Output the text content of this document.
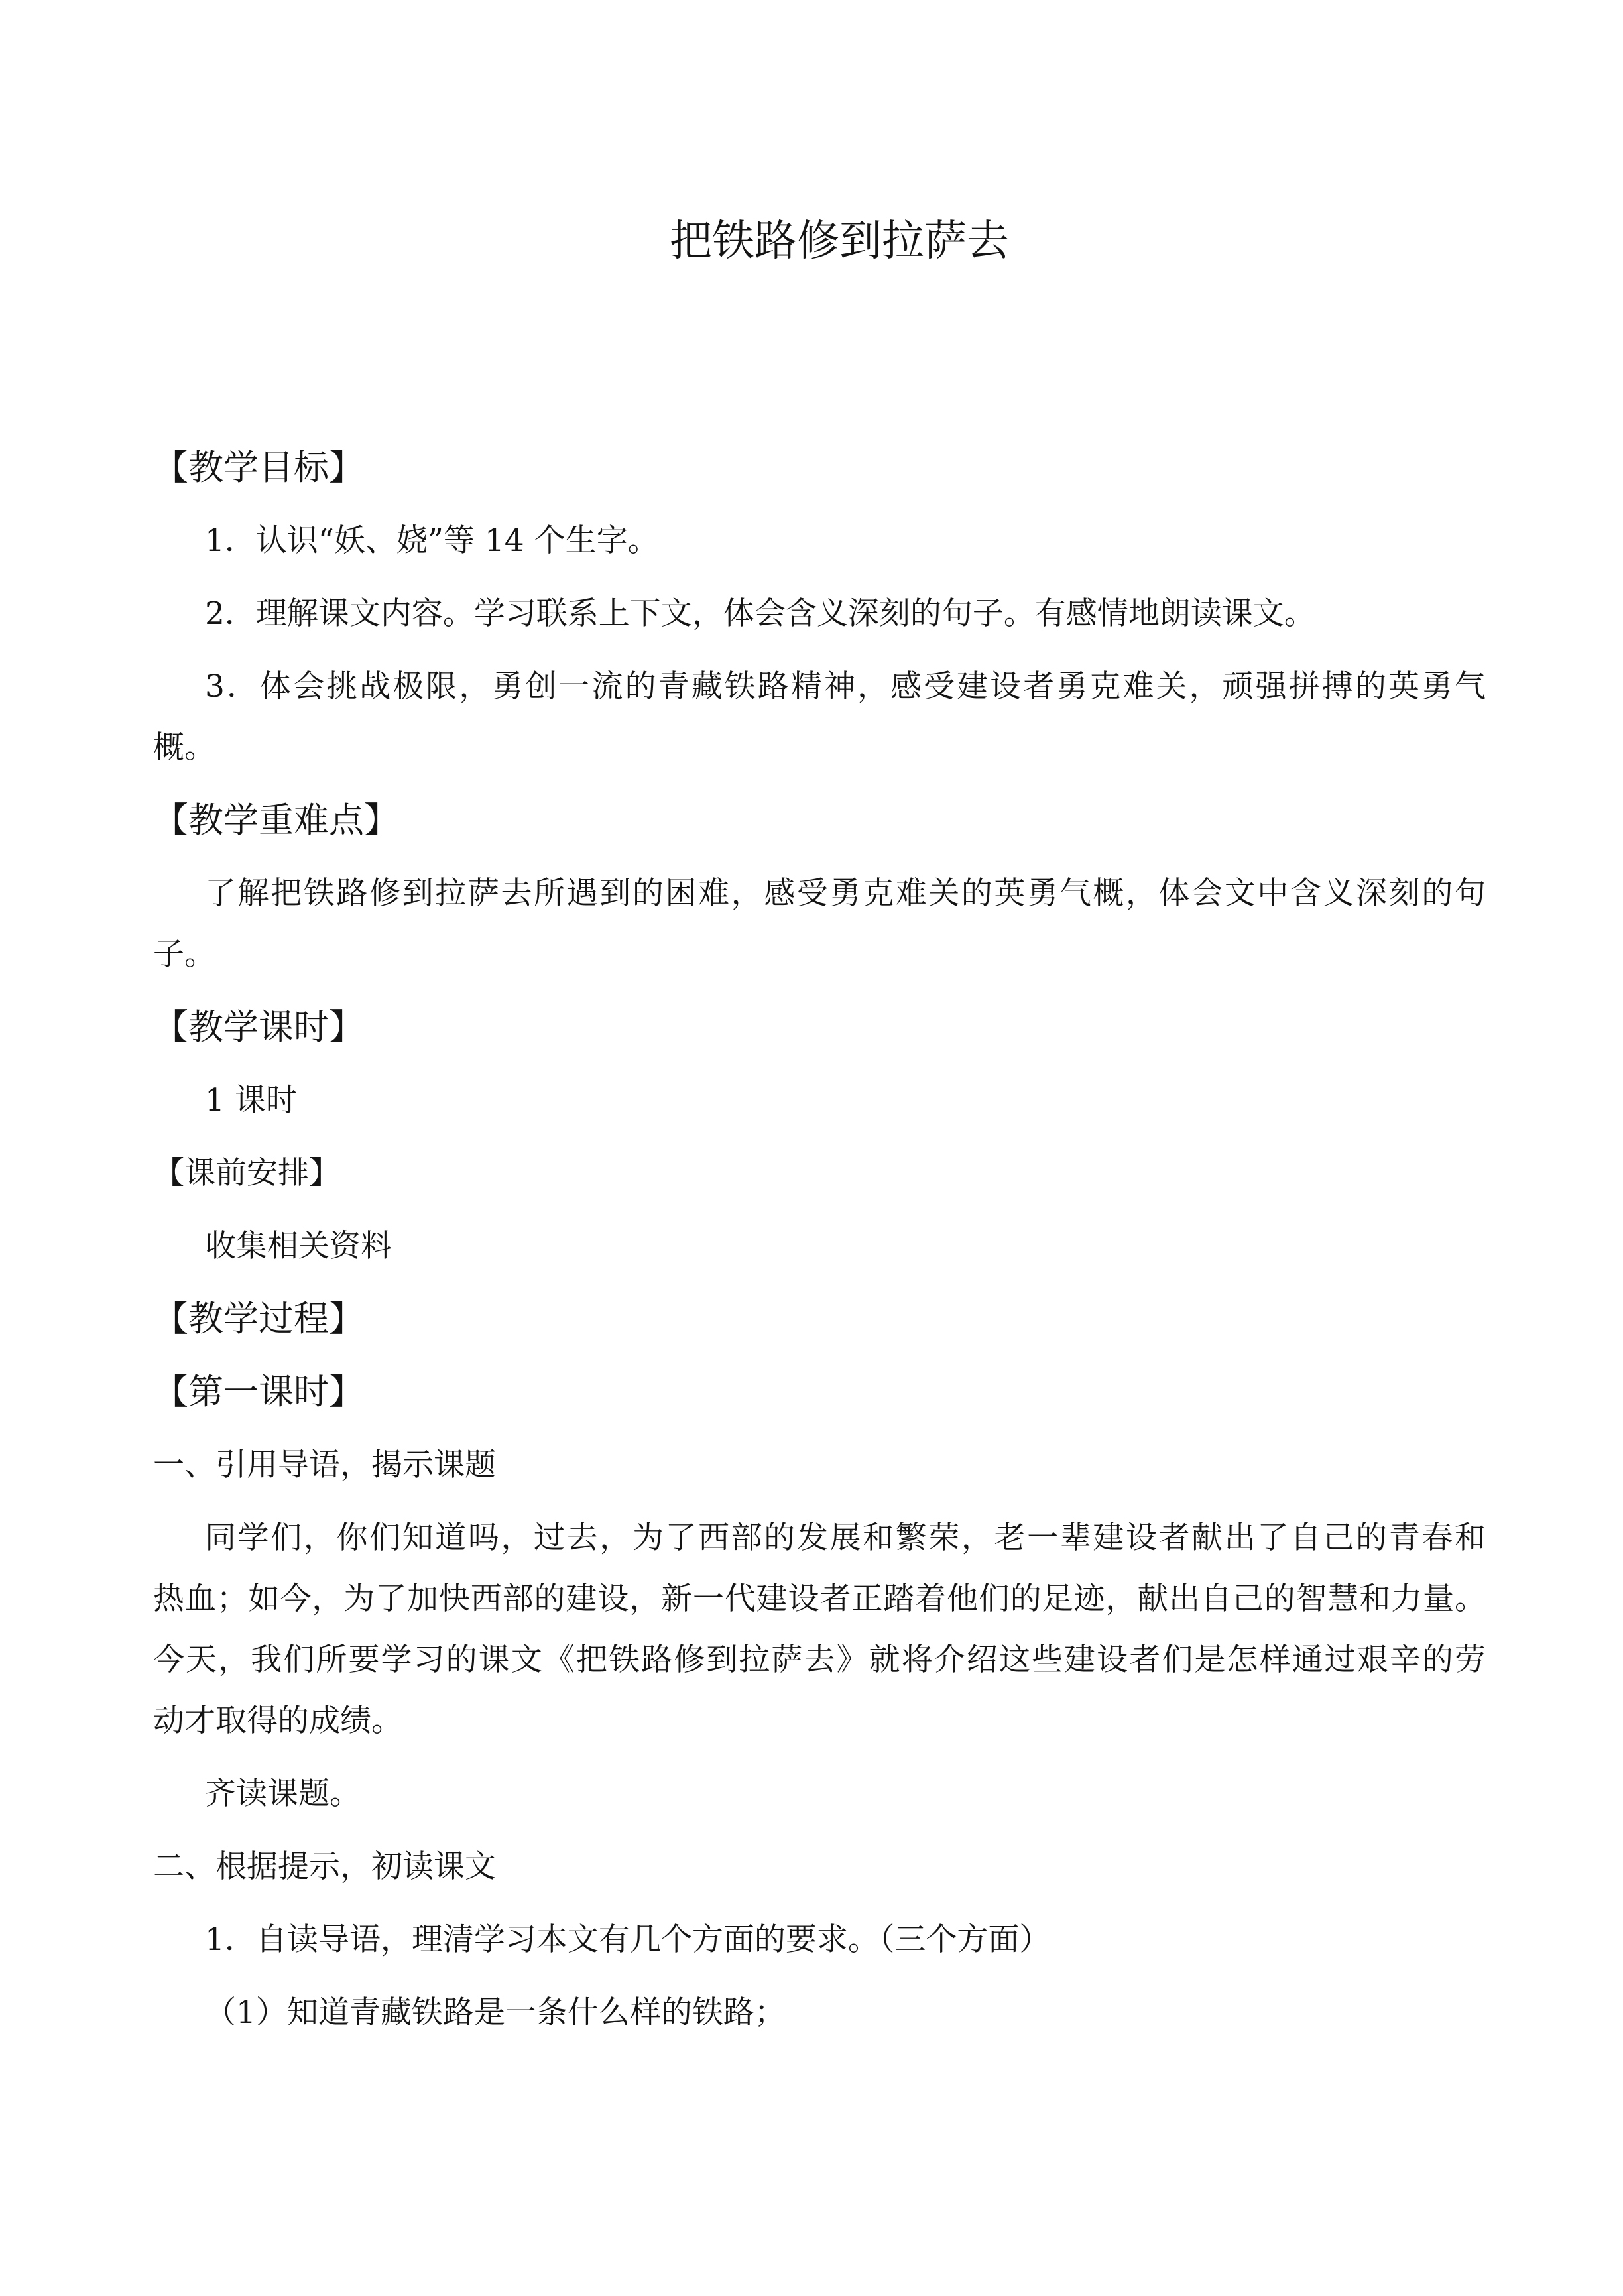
把铁路修到拉萨去
【教学目标】
1．认识“妖、娆”等 14 个生字。
2．理解课文内容。学习联系上下文，体会含义深刻的句子。有感情地朗读课文。
3．体会挑战极限，勇创一流的青藏铁路精神，感受建设者勇克难关，顽强拼搏的英勇气
概。
【教学重难点】
了解把铁路修到拉萨去所遇到的困难，感受勇克难关的英勇气概，体会文中含义深刻的句
子。
【教学课时】
1 课时
【课前安排】
收集相关资料
【教学过程】
【第一课时】
一、引用导语，揭示课题
同学们，你们知道吗，过去，为了西部的发展和繁荣，老一辈建设者献出了自己的青春和
热血；如今，为了加快西部的建设，新一代建设者正踏着他们的足迹，献出自己的智慧和力量。
今天，我们所要学习的课文《把铁路修到拉萨去》就将介绍这些建设者们是怎样通过艰辛的劳
动才取得的成绩。
齐读课题。
二、根据提示，初读课文
1．自读导语，理清学习本文有几个方面的要求。（三个方面）
（1）知道青藏铁路是一条什么样的铁路；
